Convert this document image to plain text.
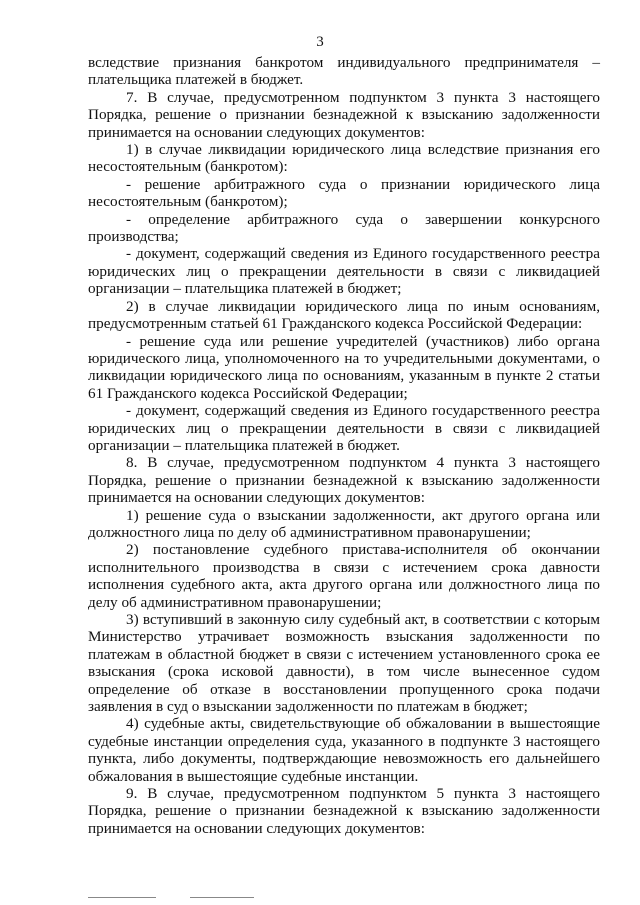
3

вследствие признания банкротом индивидуального предпринимателя – плательщика платежей в бюджет.

7. В случае, предусмотренном подпунктом 3 пункта 3 настоящего Порядка, решение о признании безнадежной к взысканию задолженности принимается на основании следующих документов:

1) в случае ликвидации юридического лица вследствие признания его несостоятельным (банкротом):

- решение арбитражного суда о признании юридического лица несостоятельным (банкротом);

- определение арбитражного суда о завершении конкурсного производства;

- документ, содержащий сведения из Единого государственного реестра юридических лиц о прекращении деятельности в связи с ликвидацией организации – плательщика платежей в бюджет;

2) в случае ликвидации юридического лица по иным основаниям, предусмотренным статьей 61 Гражданского кодекса Российской Федерации:

- решение суда или решение учредителей (участников) либо органа юридического лица, уполномоченного на то учредительными документами, о ликвидации юридического лица по основаниям, указанным в пункте 2 статьи 61 Гражданского кодекса Российской Федерации;

- документ, содержащий сведения из Единого государственного реестра юридических лиц о прекращении деятельности в связи с ликвидацией организации – плательщика платежей в бюджет.

8. В случае, предусмотренном подпунктом 4 пункта 3 настоящего Порядка, решение о признании безнадежной к взысканию задолженности принимается на основании следующих документов:

1) решение суда о взыскании задолженности, акт другого органа или должностного лица по делу об административном правонарушении;

2) постановление судебного пристава-исполнителя об окончании исполнительного производства в связи с истечением срока давности исполнения судебного акта, акта другого органа или должностного лица по делу об административном правонарушении;

3) вступивший в законную силу судебный акт, в соответствии с которым Министерство утрачивает возможность взыскания задолженности по платежам в областной бюджет в связи с истечением установленного срока ее взыскания (срока исковой давности), в том числе вынесенное судом определение об отказе в восстановлении пропущенного срока подачи заявления в суд о взыскании задолженности по платежам в бюджет;

4) судебные акты, свидетельствующие об обжаловании в вышестоящие судебные инстанции определения суда, указанного в подпункте 3 настоящего пункта, либо документы, подтверждающие невозможность его дальнейшего обжалования в вышестоящие судебные инстанции.

9. В случае, предусмотренном подпунктом 5 пункта 3 настоящего Порядка, решение о признании безнадежной к взысканию задолженности принимается на основании следующих документов:
